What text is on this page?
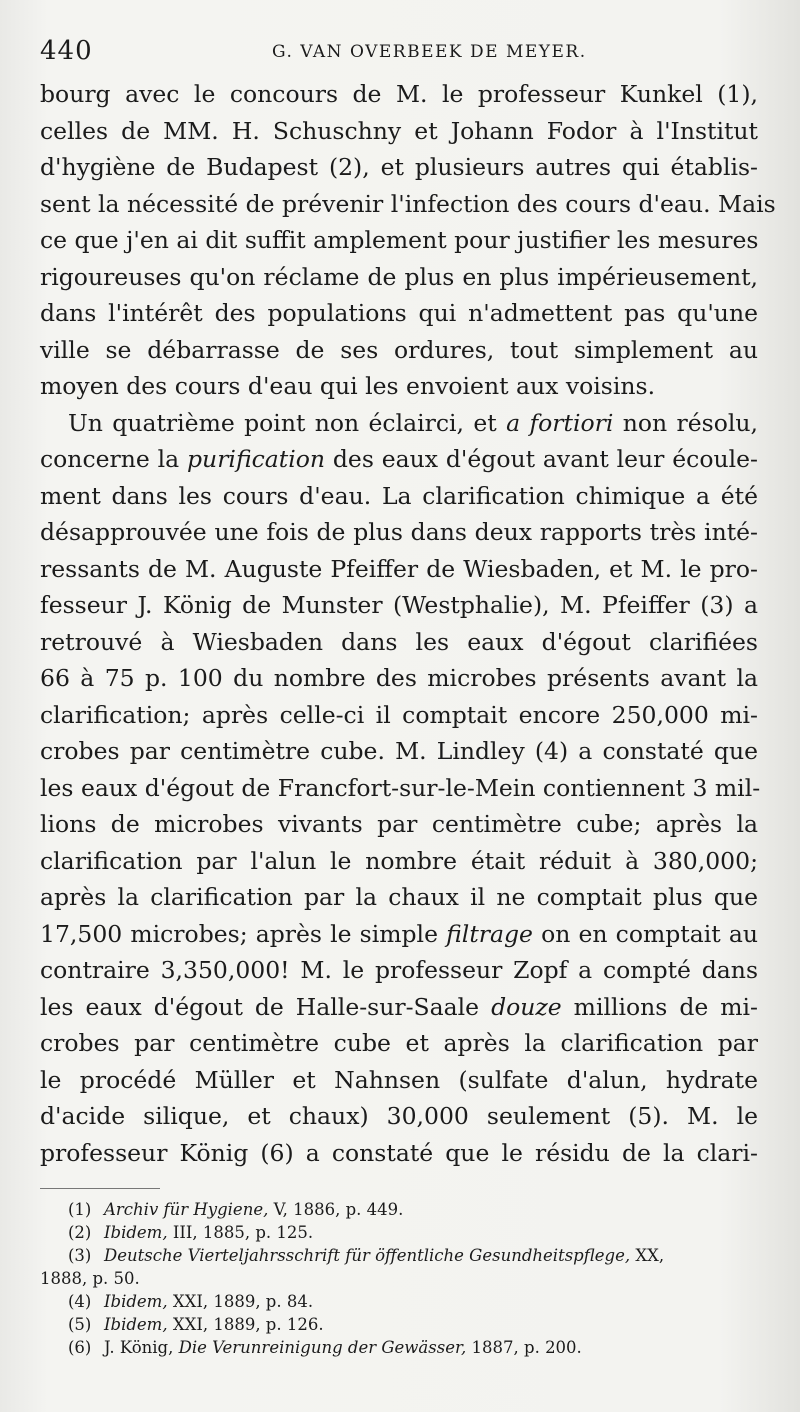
440	G. VAN OVERBEEK DE MEYER.
bourg avec le concours de M. le professeur Kunkel (1),
celles de MM. H. Schuschny et Johann Fodor à l'Institut
d'hygiène de Budapest (2), et plusieurs autres qui établis-
sent la nécessité de prévenir l'infection des cours d'eau. Mais
ce que j'en ai dit suffit amplement pour justifier les mesures
rigoureuses qu'on réclame de plus en plus impérieusement,
dans l'intérêt des populations qui n'admettent pas qu'une
ville se débarrasse de ses ordures, tout simplement au
moyen des cours d'eau qui les envoient aux voisins.
Un quatrième point non éclairci, et a fortiori non résolu,
concerne la purification des eaux d'égout avant leur écoule-
ment dans les cours d'eau. La clarification chimique a été
désapprouvée une fois de plus dans deux rapports très inté-
ressants de M. Auguste Pfeiffer de Wiesbaden, et M. le pro-
fesseur J. König de Munster (Westphalie), M. Pfeiffer (3) a
retrouvé à Wiesbaden dans les eaux d'égout clarifiées
66 à 75 p. 100 du nombre des microbes présents avant la
clarification; après celle-ci il comptait encore 250,000 mi-
crobes par centimètre cube. M. Lindley (4) a constaté que
les eaux d'égout de Francfort-sur-le-Mein contiennent 3 mil-
lions de microbes vivants par centimètre cube; après la
clarification par l'alun le nombre était réduit à 380,000;
après la clarification par la chaux il ne comptait plus que
17,500 microbes; après le simple filtrage on en comptait au
contraire 3,350,000! M. le professeur Zopf a compté dans
les eaux d'égout de Halle-sur-Saale douze millions de mi-
crobes par centimètre cube et après la clarification par
le procédé Müller et Nahnsen (sulfate d'alun, hydrate
d'acide silique, et chaux) 30,000 seulement (5). M. le
professeur König (6) a constaté que le résidu de la clari-
(1) Archiv für Hygiene, V, 1886, p. 449.
(2) Ibidem, III, 1885, p. 125.
(3) Deutsche Vierteljahrsschrift für öffentliche Gesundheitspflege, XX,
1888, p. 50.
(4) Ibidem, XXI, 1889, p. 84.
(5) Ibidem, XXI, 1889, p. 126.
(6) J. König, Die Verunreinigung der Gewässer, 1887, p. 200.
